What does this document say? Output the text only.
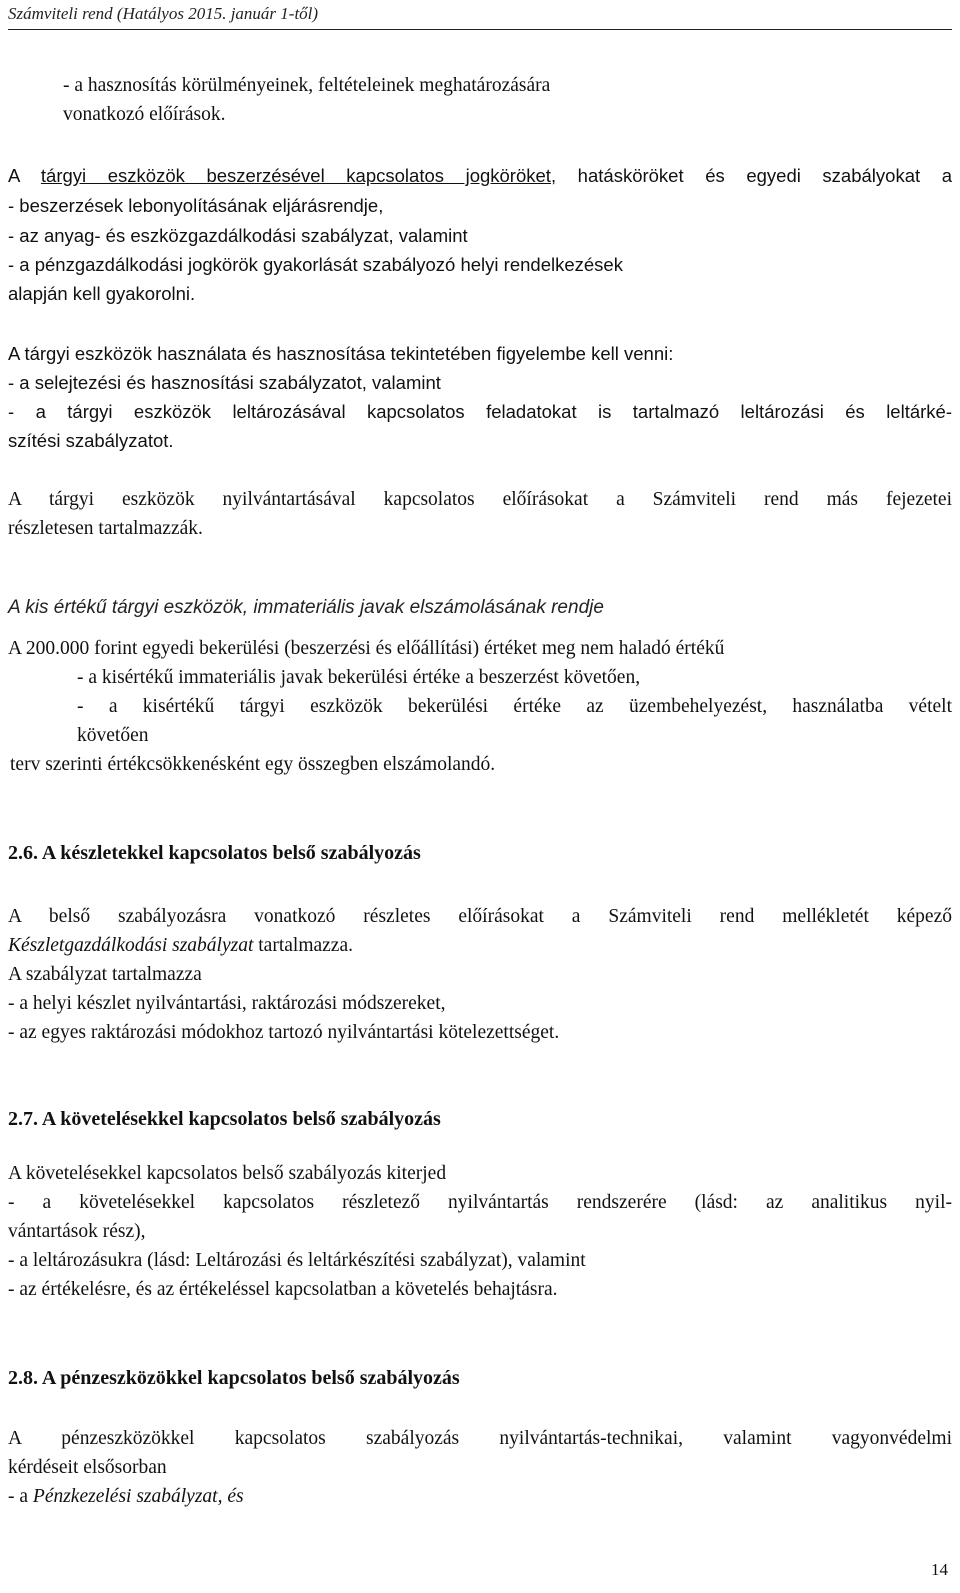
Számviteli rend (Hatályos 2015. január 1-től)
- a hasznosítás körülményeinek, feltételeinek meghatározására
vonatkozó előírások.
A tárgyi eszközök beszerzésével kapcsolatos jogköröket, hatásköröket és egyedi szabályokat a
- beszerzések lebonyolításának eljárásrendje,
- az anyag- és eszközgazdálkodási szabályzat, valamint
- a pénzgazdálkodási jogkörök gyakorlását szabályozó helyi rendelkezések
alapján kell gyakorolni.
A tárgyi eszközök használata és hasznosítása tekintetében figyelembe kell venni:
- a selejtezési és hasznosítási szabályzatot, valamint
- a tárgyi eszközök leltározásával kapcsolatos feladatokat is tartalmazó leltározási és leltárké-
szítési szabályzatot.
A tárgyi eszközök nyilvántartásával kapcsolatos előírásokat a Számviteli rend más fejezetei
részletesen tartalmazzák.
A kis értékű tárgyi eszközök, immateriális javak elszámolásának rendje
A 200.000 forint egyedi bekerülési (beszerzési és előállítási) értéket meg nem haladó értékű
- a kisértékű immateriális javak bekerülési értéke a beszerzést követően,
- a kisértékű tárgyi eszközök bekerülési értéke az üzembehelyezést, használatba vételt
követően
terv szerinti értékcsökkenésként egy összegben elszámolandó.
2.6. A készletekkel kapcsolatos belső szabályozás
A belső szabályozásra vonatkozó részletes előírásokat a Számviteli rend mellékletét képező
Készletgazdálkodási szabályzat tartalmazza.
A szabályzat tartalmazza
- a helyi készlet nyilvántartási, raktározási módszereket,
- az egyes raktározási módokhoz tartozó nyilvántartási kötelezettséget.
2.7. A követelésekkel kapcsolatos belső szabályozás
A követelésekkel kapcsolatos belső szabályozás kiterjed
- a követelésekkel kapcsolatos részletező nyilvántartás rendszerére (lásd: az analitikus nyil-
vántartások rész),
- a leltározásukra (lásd: Leltározási és leltárkészítési szabályzat), valamint
- az értékelésre, és az értékeléssel kapcsolatban a követelés behajtásra.
2.8. A pénzeszközökkel kapcsolatos belső szabályozás
A pénzeszközökkel kapcsolatos szabályozás nyilvántartás-technikai, valamint vagyonvédelmi
kérdéseit elsősorban
- a Pénzkezelési szabályzat, és
14
